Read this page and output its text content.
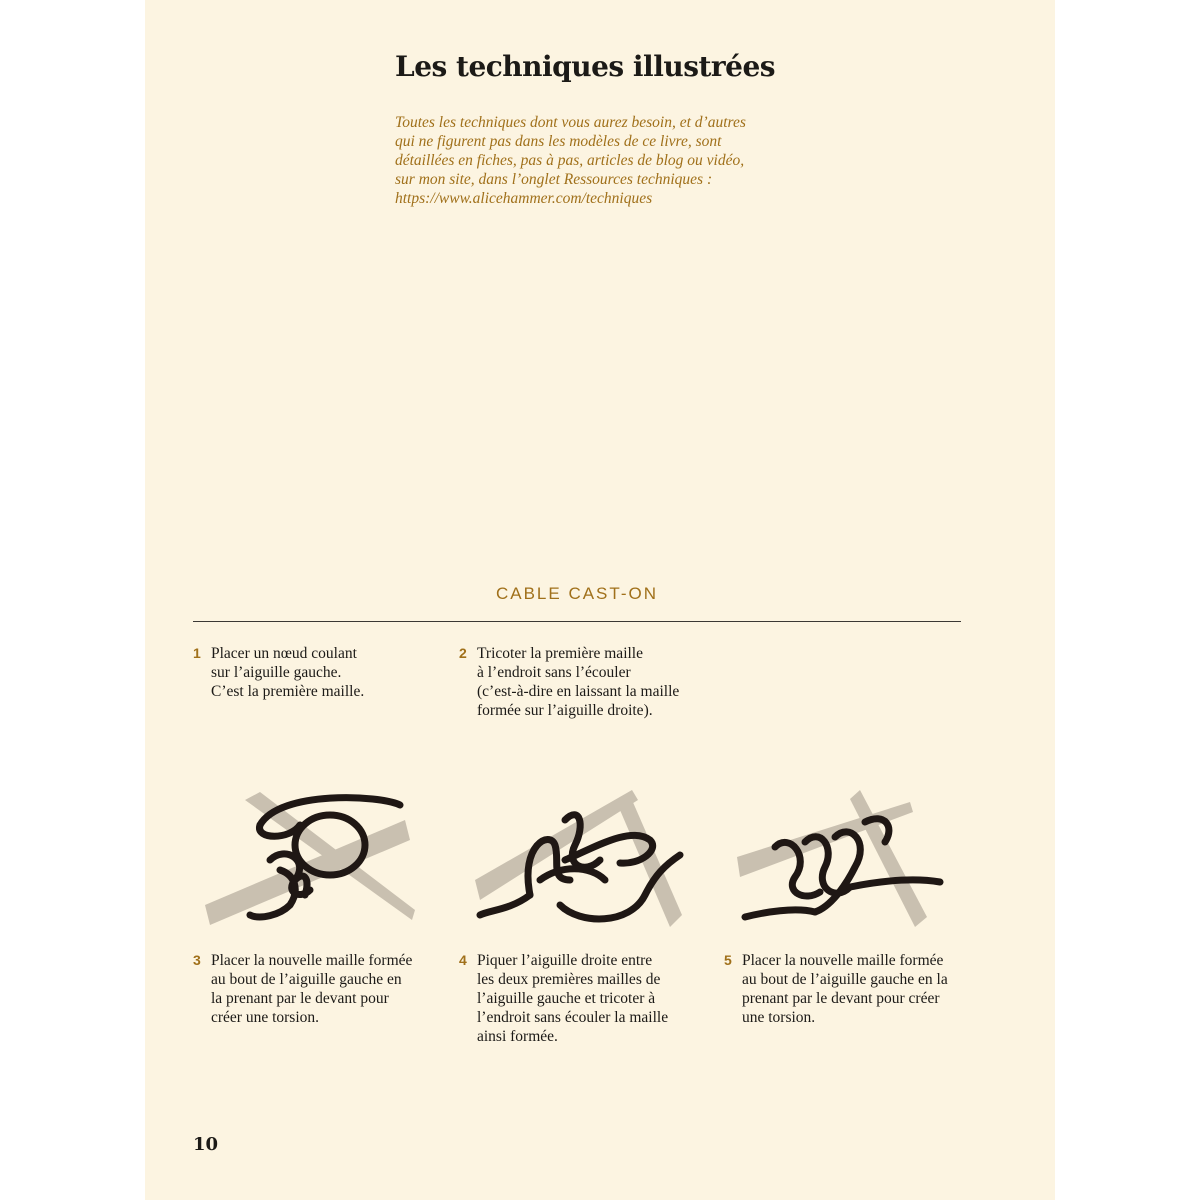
Les techniques illustrées
Toutes les techniques dont vous aurez besoin, et d’autres
qui ne figurent pas dans les modèles de ce livre, sont
détaillées en fiches, pas à pas, articles de blog ou vidéo,
sur mon site, dans l’onglet Ressources techniques :
https://www.alicehammer.com/techniques
CABLE CAST-ON
1 Placer un nœud coulant
sur l’aiguille gauche.
C’est la première maille.
2 Tricoter la première maille
à l’endroit sans l’écouler
(c’est-à-dire en laissant la maille
formée sur l’aiguille droite).
3 Placer la nouvelle maille formée
au bout de l’aiguille gauche en
la prenant par le devant pour
créer une torsion.
4 Piquer l’aiguille droite entre
les deux premières mailles de
l’aiguille gauche et tricoter à
l’endroit sans écouler la maille
ainsi formée.
5 Placer la nouvelle maille formée
au bout de l’aiguille gauche en la
prenant par le devant pour créer
une torsion.
10
